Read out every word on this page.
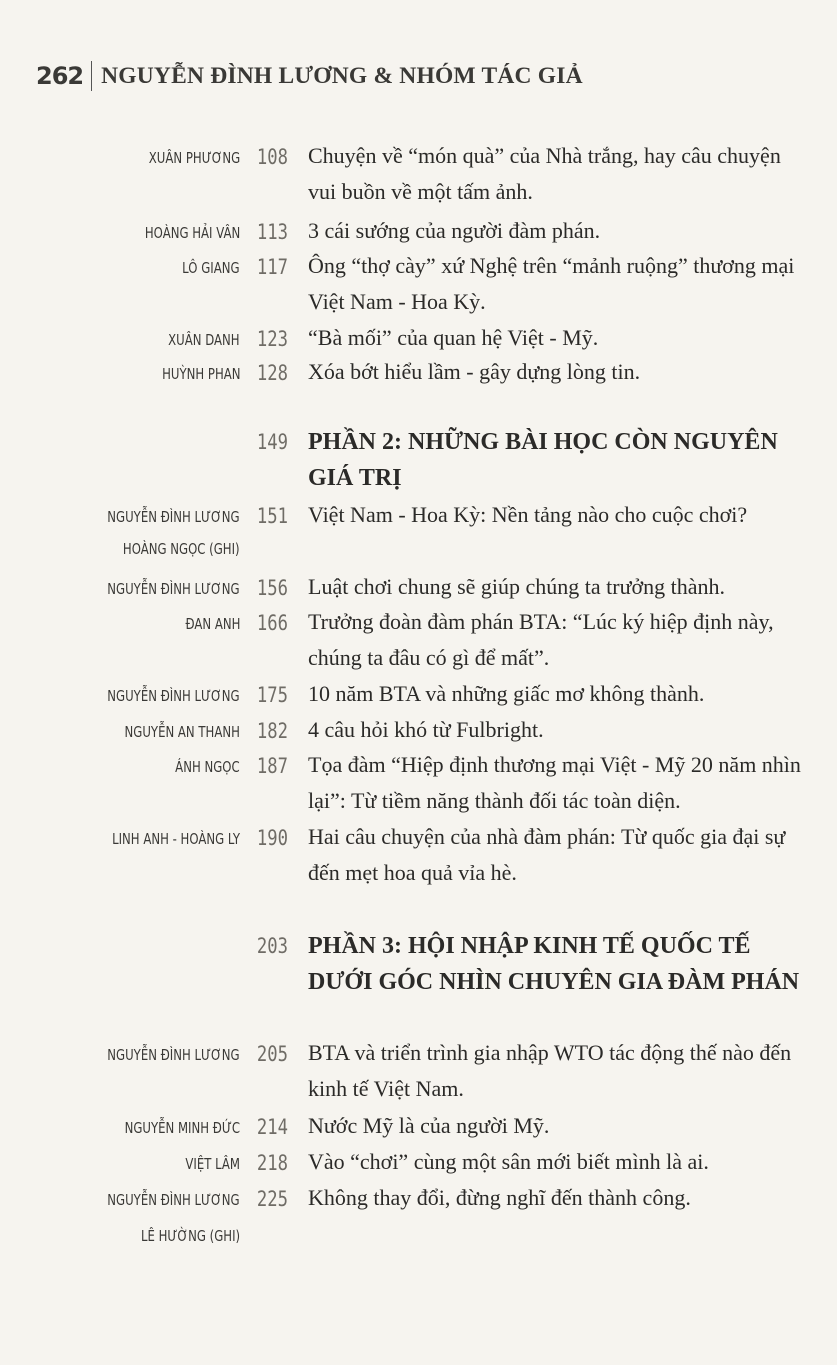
262 NGUYỄN ĐÌNH LƯƠNG & NHÓM TÁC GIẢ
XUÂN PHƯƠNG 108 Chuyện về “món quà” của Nhà trắng, hay câu chuyện vui buồn về một tấm ảnh.
HOÀNG HẢI VÂN 113 3 cái sướng của người đàm phán.
LÔ GIANG 117 Ông “thợ cày” xứ Nghệ trên “mảnh ruộng” thương mại Việt Nam - Hoa Kỳ.
XUÂN DANH 123 “Bà mối” của quan hệ Việt - Mỹ.
HUỲNH PHAN 128 Xóa bớt hiểu lầm - gây dựng lòng tin.
149 PHẦN 2: NHỮNG BÀI HỌC CÒN NGUYÊN GIÁ TRỊ
NGUYỄN ĐÌNH LƯƠNG
HOÀNG NGỌC (GHI)
151 Việt Nam - Hoa Kỳ: Nền tảng nào cho cuộc chơi?
NGUYỄN ĐÌNH LƯƠNG 156 Luật chơi chung sẽ giúp chúng ta trưởng thành.
ĐAN ANH 166 Trưởng đoàn đàm phán BTA: “Lúc ký hiệp định này, chúng ta đâu có gì để mất”.
NGUYỄN ĐÌNH LƯƠNG 175 10 năm BTA và những giấc mơ không thành.
NGUYỄN AN THANH 182 4 câu hỏi khó từ Fulbright.
ÁNH NGỌC 187 Tọa đàm “Hiệp định thương mại Việt - Mỹ 20 năm nhìn lại”: Từ tiềm năng thành đối tác toàn diện.
LINH ANH - HOÀNG LY 190 Hai câu chuyện của nhà đàm phán: Từ quốc gia đại sự đến mẹt hoa quả vỉa hè.
203 PHẦN 3: HỘI NHẬP KINH TẾ QUỐC TẾ DƯỚI GÓC NHÌN CHUYÊN GIA ĐÀM PHÁN
NGUYỄN ĐÌNH LƯƠNG 205 BTA và triển trình gia nhập WTO tác động thế nào đến kinh tế Việt Nam.
NGUYỄN MINH ĐỨC 214 Nước Mỹ là của người Mỹ.
VIỆT LÂM 218 Vào “chơi” cùng một sân mới biết mình là ai.
NGUYỄN ĐÌNH LƯƠNG
LÊ HƯỜNG (GHI)
225 Không thay đổi, đừng nghĩ đến thành công.
